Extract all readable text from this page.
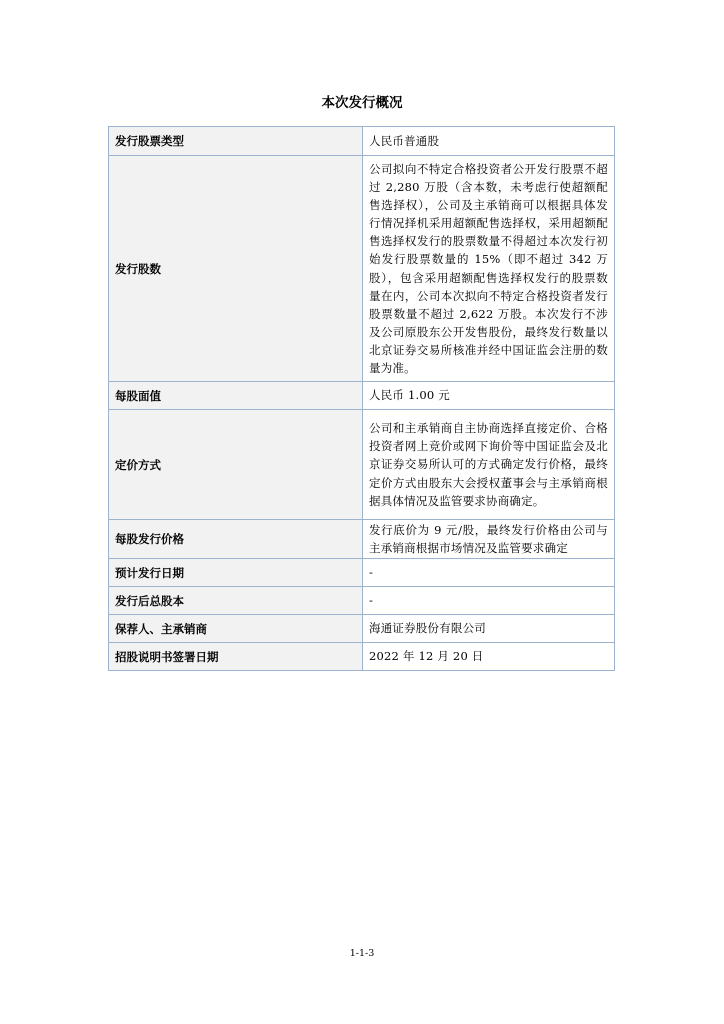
本次发行概况
发行股票类型	人民币普通股
发行股数	公司拟向不特定合格投资者公开发行股票不超过 2,280 万股（含本数，未考虑行使超额配售选择权），公司及主承销商可以根据具体发行情况择机采用超额配售选择权，采用超额配售选择权发行的股票数量不得超过本次发行初始发行股票数量的 15%（即不超过 342 万股），包含采用超额配售选择权发行的股票数量在内，公司本次拟向不特定合格投资者发行股票数量不超过 2,622 万股。本次发行不涉及公司原股东公开发售股份，最终发行数量以北京证券交易所核准并经中国证监会注册的数量为准。
每股面值	人民币 1.00 元
定价方式	公司和主承销商自主协商选择直接定价、合格投资者网上竞价或网下询价等中国证监会及北京证券交易所认可的方式确定发行价格，最终定价方式由股东大会授权董事会与主承销商根据具体情况及监管要求协商确定。
每股发行价格	发行底价为 9 元/股，最终发行价格由公司与主承销商根据市场情况及监管要求确定
预计发行日期	-
发行后总股本	-
保荐人、主承销商	海通证券股份有限公司
招股说明书签署日期	2022 年 12 月 20 日
1-1-3
